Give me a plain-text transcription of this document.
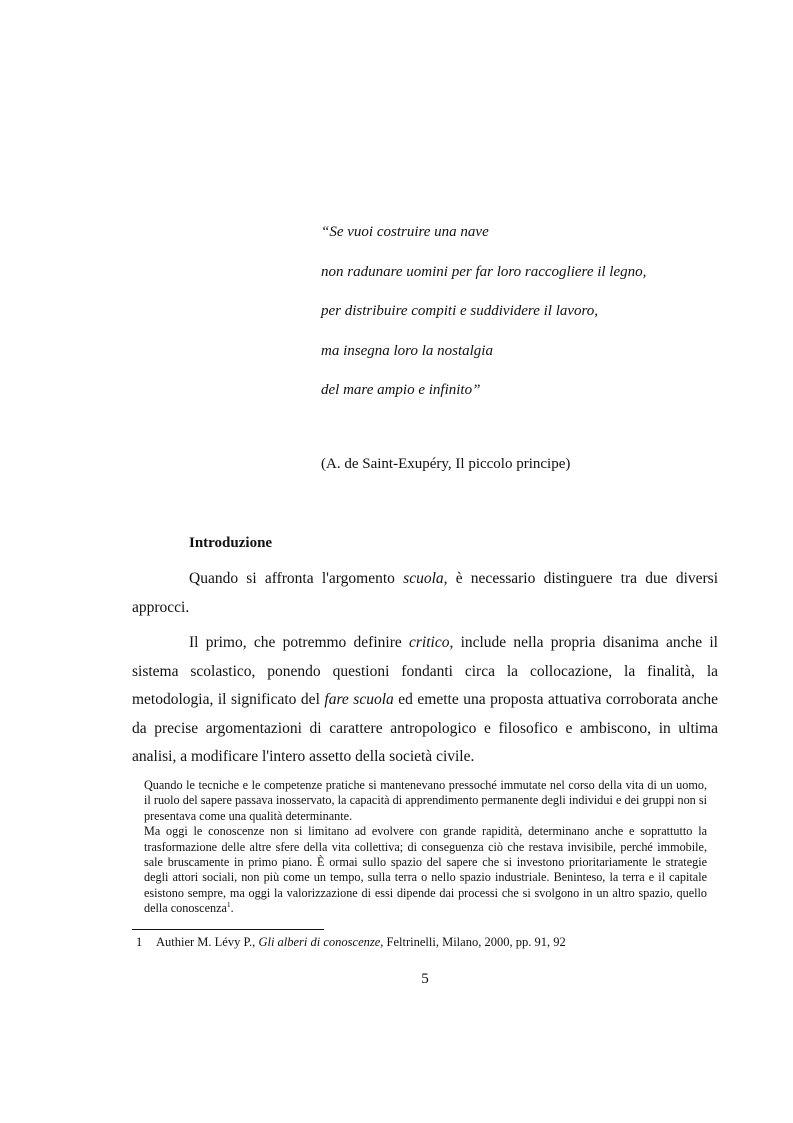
“Se vuoi costruire una nave
non radunare uomini per far loro raccogliere il legno,
per distribuire compiti e suddividere il lavoro,
ma insegna loro la nostalgia
del mare ampio e infinito”
(A. de Saint-Exupéry, Il piccolo principe)
Introduzione

Quando si affronta l'argomento scuola, è necessario distinguere tra due diversi approcci.

Il primo, che potremmo definire critico, include nella propria disanima anche il sistema scolastico, ponendo questioni fondanti circa la collocazione, la finalità, la metodologia, il significato del fare scuola ed emette una proposta attuativa corroborata anche da precise argomentazioni di carattere antropologico e filosofico e ambiscono, in ultima analisi, a modificare l'intero assetto della società civile.

Quando le tecniche e le competenze pratiche si mantenevano pressoché immutate nel corso della vita di un uomo, il ruolo del sapere passava inosservato, la capacità di apprendimento permanente degli individui e dei gruppi non si presentava come una qualità determinante.

Ma oggi le conoscenze non si limitano ad evolvere con grande rapidità, determinano anche e soprattutto la trasformazione delle altre sfere della vita collettiva; di conseguenza ciò che restava invisibile, perché immobile, sale bruscamente in primo piano. È ormai sullo spazio del sapere che si investono prioritariamente le strategie degli attori sociali, non più come un tempo, sulla terra o nello spazio industriale. Beninteso, la terra e il capitale esistono sempre, ma oggi la valorizzazione di essi dipende dai processi che si svolgono in un altro spazio, quello della conoscenza$^1$.

1 Authier M. Lévy P., Gli alberi di conoscenze, Feltrinelli, Milano, 2000, pp. 91, 92
5
